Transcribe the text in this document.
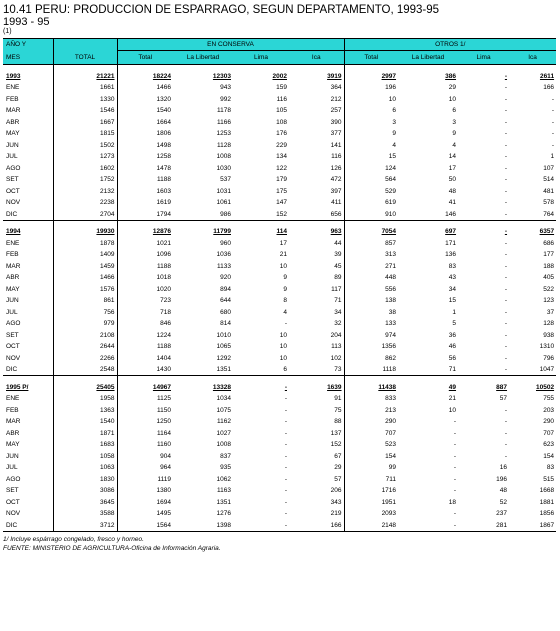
10.41 PERU: PRODUCCION DE ESPARRAGO, SEGUN DEPARTAMENTO, 1993-95
1993 - 95
(1)
AÑO Y		EN CONSERVA				OTROS 1/			
MES	TOTAL	Total	La Libertad	Lima	Ica	Total	La Libertad	Lima	Ica

1993	21221	18224	12303	2002	3919	2997	386	-	2611
ENE	1661	1466	943	159	364	196	29	-	166
FEB	1330	1320	992	116	212	10	10	-	-
MAR	1546	1540	1178	105	257	6	6	-	-
ABR	1667	1664	1166	108	390	3	3	-	-
MAY	1815	1806	1253	176	377	9	9	-	-
JUN	1502	1498	1128	229	141	4	4	-	-
JUL	1273	1258	1008	134	116	15	14	-	1
AGO	1602	1478	1030	122	126	124	17	-	107
SET	1752	1188	537	179	472	564	50	-	514
OCT	2132	1603	1031	175	397	529	48	-	481
NOV	2238	1619	1061	147	411	619	41	-	578
DIC	2704	1794	986	152	656	910	146	-	764

1994	19930	12876	11799	114	963	7054	697	-	6357
ENE	1878	1021	960	17	44	857	171	-	686
FEB	1409	1096	1036	21	39	313	136	-	177
MAR	1459	1188	1133	10	45	271	83	-	188
ABR	1466	1018	920	9	89	448	43	-	405
MAY	1576	1020	894	9	117	556	34	-	522
JUN	861	723	644	8	71	138	15	-	123
JUL	756	718	680	4	34	38	1	-	37
AGO	979	846	814	-	32	133	5	-	128
SET	2108	1224	1010	10	204	974	36	-	938
OCT	2644	1188	1065	10	113	1356	46	-	1310
NOV	2266	1404	1292	10	102	862	56	-	796
DIC	2548	1430	1351	6	73	1118	71	-	1047

1995 P/	25405	14967	13328	-	1639	11438	49	887	10502
ENE	1958	1125	1034	-	91	833	21	57	755
FEB	1363	1150	1075	-	75	213	10	-	203
MAR	1540	1250	1162	-	88	290	-	-	290
ABR	1871	1164	1027	-	137	707	-	-	707
MAY	1683	1160	1008	-	152	523	-	-	623
JUN	1058	904	837	-	67	154	-	-	154
JUL	1063	964	935	-	29	99	-	16	83
AGO	1830	1119	1062	-	57	711	-	196	515
SET	3086	1380	1163	-	206	1716	-	48	1668
OCT	3645	1694	1351	-	343	1951	18	52	1881
NOV	3588	1495	1276	-	219	2093	-	237	1856
DIC	3712	1564	1398	-	166	2148	-	281	1867
1/ Incluye espárrago congelado, fresco y horneo.
FUENTE: MINISTERIO DE AGRICULTURA-Oficina de Información Agraria.
